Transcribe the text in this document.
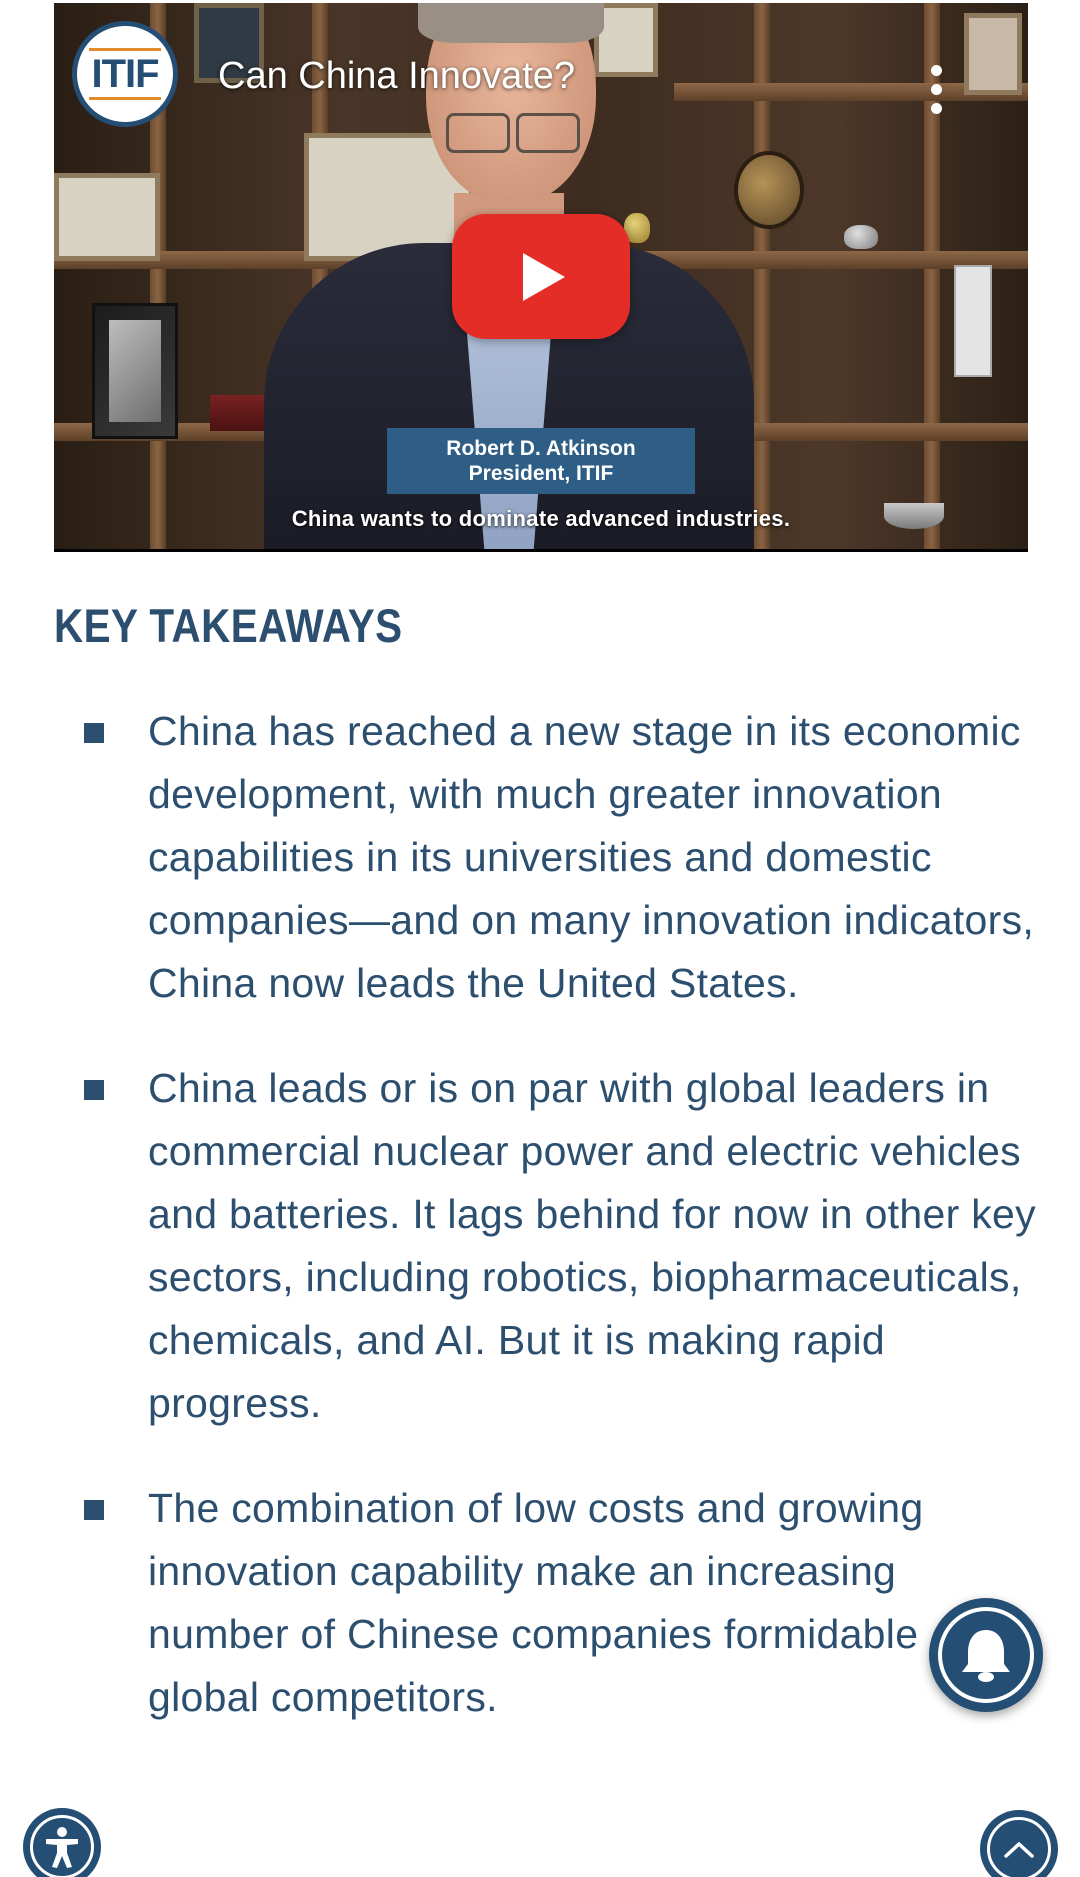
ITIF Can China Innovate?
Robert D. Atkinson
President, ITIF
China wants to dominate advanced industries.
KEY TAKEAWAYS
China has reached a new stage in its economic development, with much greater innovation capabilities in its universities and domestic companies—and on many innovation indicators, China now leads the United States.
China leads or is on par with global leaders in commercial nuclear power and electric vehicles and batteries. It lags behind for now in other key sectors, including robotics, biopharmaceuticals, chemicals, and AI. But it is making rapid progress.
The combination of low costs and growing innovation capability make an increasing number of Chinese companies formidable global competitors.
